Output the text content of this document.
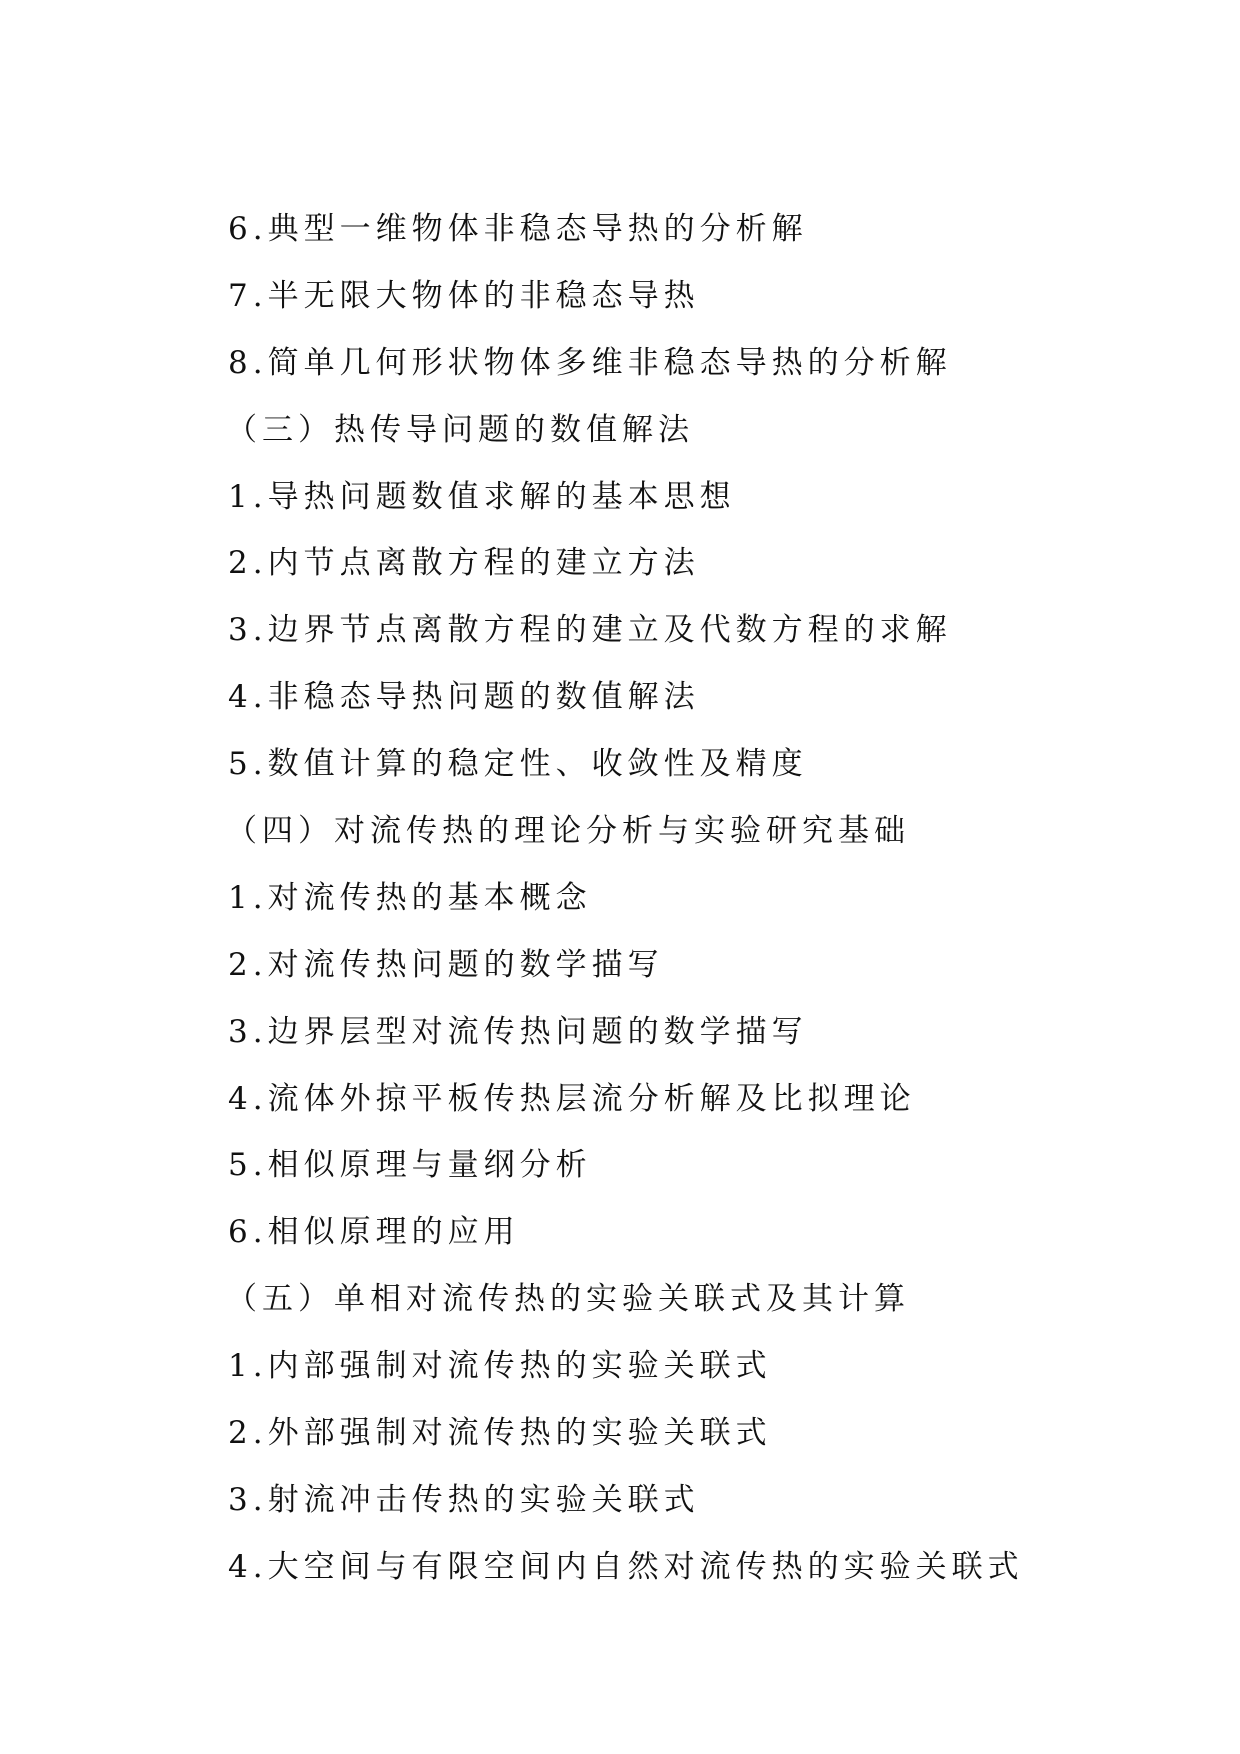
6.典型一维物体非稳态导热的分析解
7.半无限大物体的非稳态导热
8.简单几何形状物体多维非稳态导热的分析解
（三）热传导问题的数值解法
1.导热问题数值求解的基本思想
2.内节点离散方程的建立方法
3.边界节点离散方程的建立及代数方程的求解
4.非稳态导热问题的数值解法
5.数值计算的稳定性、收敛性及精度
（四）对流传热的理论分析与实验研究基础
1.对流传热的基本概念
2.对流传热问题的数学描写
3.边界层型对流传热问题的数学描写
4.流体外掠平板传热层流分析解及比拟理论
5.相似原理与量纲分析
6.相似原理的应用
（五）单相对流传热的实验关联式及其计算
1.内部强制对流传热的实验关联式
2.外部强制对流传热的实验关联式
3.射流冲击传热的实验关联式
4.大空间与有限空间内自然对流传热的实验关联式
